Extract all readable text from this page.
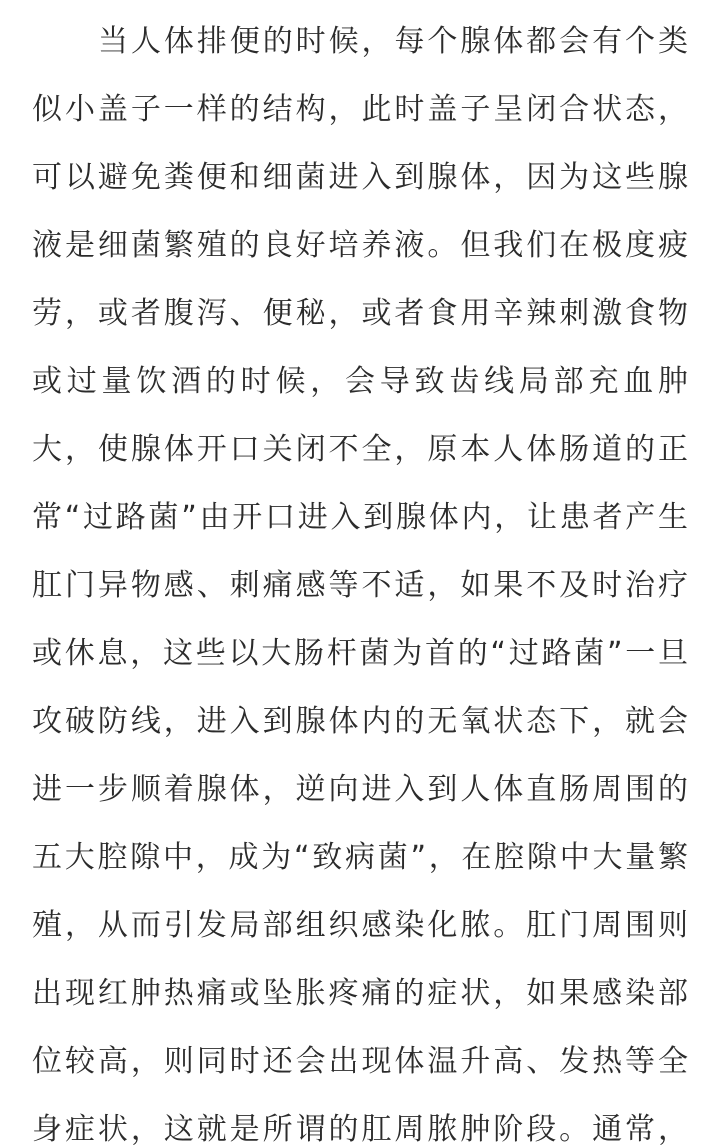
当人体排便的时候，每个腺体都会有个类
似小盖子一样的结构，此时盖子呈闭合状态，
可以避免粪便和细菌进入到腺体，因为这些腺
液是细菌繁殖的良好培养液。但我们在极度疲
劳，或者腹泻、便秘，或者食用辛辣刺激食物
或过量饮酒的时候，会导致齿线局部充血肿
大，使腺体开口关闭不全，原本人体肠道的正
常“过路菌”由开口进入到腺体内，让患者产生
肛门异物感、刺痛感等不适，如果不及时治疗
或休息，这些以大肠杆菌为首的“过路菌”一旦
攻破防线，进入到腺体内的无氧状态下，就会
进一步顺着腺体，逆向进入到人体直肠周围的
五大腔隙中，成为“致病菌”，在腔隙中大量繁
殖，从而引发局部组织感染化脓。肛门周围则
出现红肿热痛或坠胀疼痛的症状，如果感染部
位较高，则同时还会出现体温升高、发热等全
身症状，这就是所谓的肛周脓肿阶段。通常，
